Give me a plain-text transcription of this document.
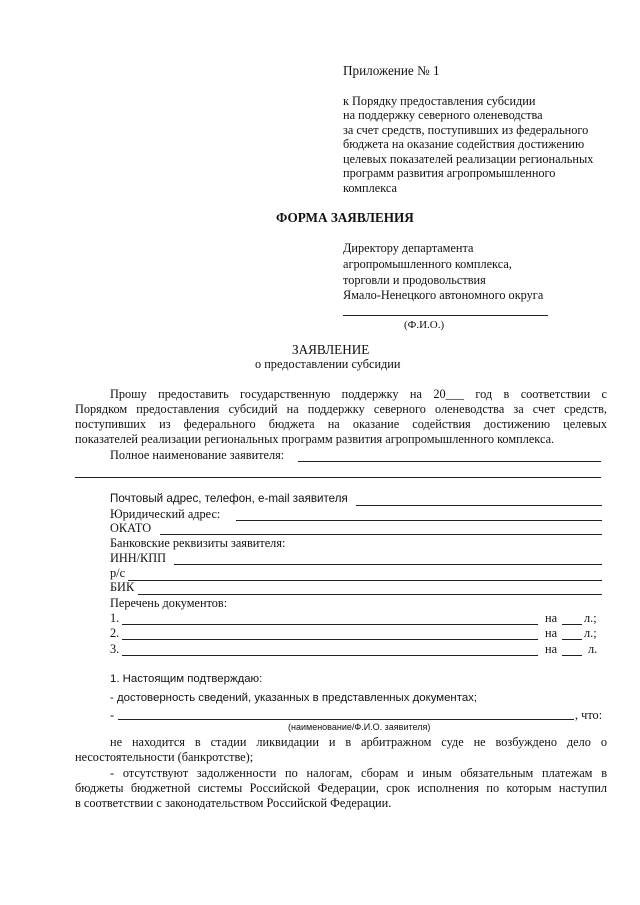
Приложение № 1
к Порядку предоставления субсидии
на поддержку северного оленеводства
за счет средств, поступивших из федерального
бюджета на оказание содействия достижению
целевых показателей реализации региональных
программ развития агропромышленного
комплекса
ФОРМА ЗАЯВЛЕНИЯ
Директору департамента
агропромышленного комплекса,
торговли и продовольствия
Ямало-Ненецкого автономного округа
(Ф.И.О.)
ЗАЯВЛЕНИЕ
о предоставлении субсидии
Прошу предоставить государственную поддержку на 20___ год в соответствии с
Порядком предоставления субсидий на поддержку северного оленеводства за счет средств,
поступивших из федерального бюджета на оказание содействия достижению целевых
показателей реализации региональных программ развития агропромышленного комплекса.
Полное наименование заявителя:
Почтовый адрес, телефон, e-mail заявителя
Юридический адрес:
ОКАТО
Банковские реквизиты заявителя:
ИНН/КПП
р/с
БИК
Перечень документов:
1.	на л.;
2.	на л.;
3.	на	л.
1. Настоящим подтверждаю:
- достоверность сведений, указанных в представленных документах;
-	, что:
(наименование/Ф.И.О. заявителя)
не находится в стадии ликвидации и в арбитражном суде не возбуждено дело о
несостоятельности (банкротстве);
- отсутствуют задолженности по налогам, сборам и иным обязательным платежам в
бюджеты бюджетной системы Российской Федерации, срок исполнения по которым наступил
в соответствии с законодательством Российской Федерации.
